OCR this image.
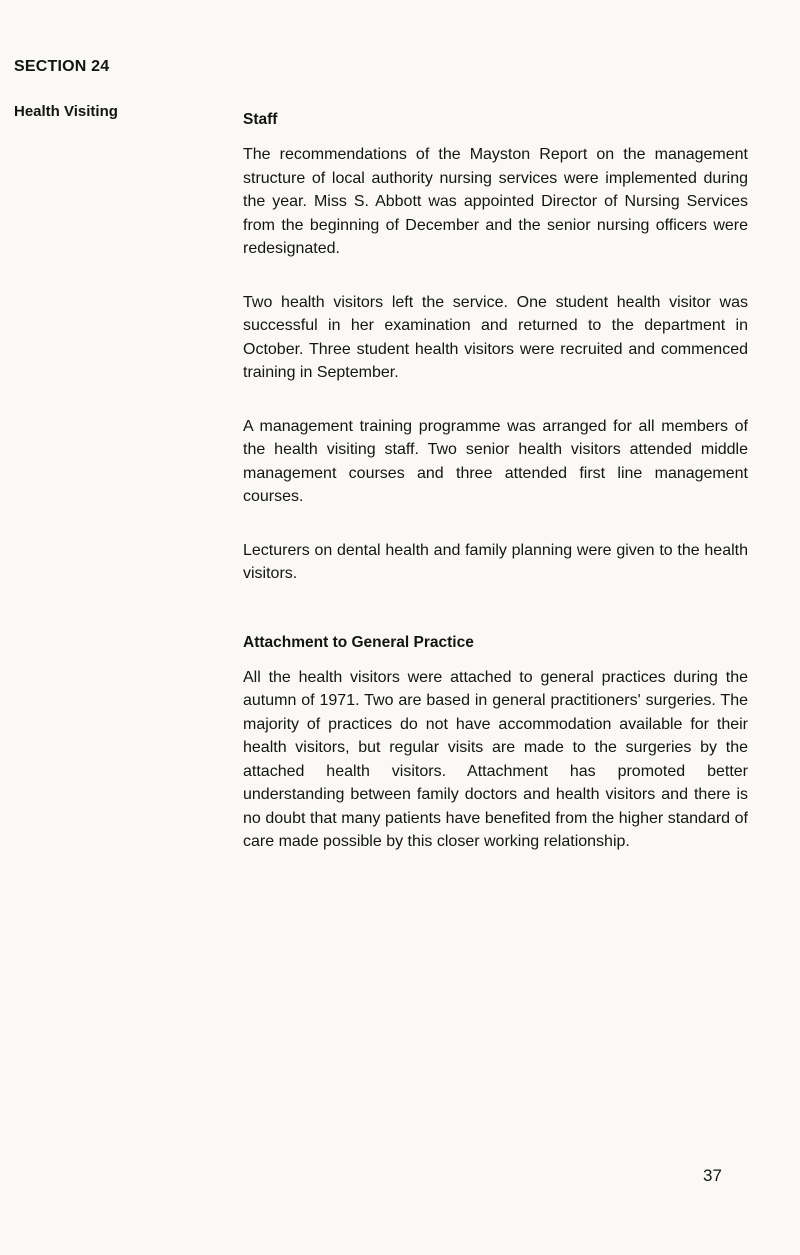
SECTION 24
Health Visiting	Staff

The recommendations of the Mayston Report on the management structure of local authority nursing services were implemented during the year. Miss S. Abbott was appointed Director of Nursing Services from the beginning of December and the senior nursing officers were redesignated.

Two health visitors left the service. One student health visitor was successful in her examination and returned to the department in October. Three student health visitors were recruited and commenced training in September.

A management training programme was arranged for all members of the health visiting staff. Two senior health visitors attended middle management courses and three attended first line management courses.

Lecturers on dental health and family planning were given to the health visitors.

Attachment to General Practice

All the health visitors were attached to general practices during the autumn of 1971. Two are based in general practitioners' surgeries. The majority of practices do not have accommodation available for their health visitors, but regular visits are made to the surgeries by the attached health visitors. Attachment has promoted better understanding between family doctors and health visitors and there is no doubt that many patients have benefited from the higher standard of care made possible by this closer working relationship.

37
